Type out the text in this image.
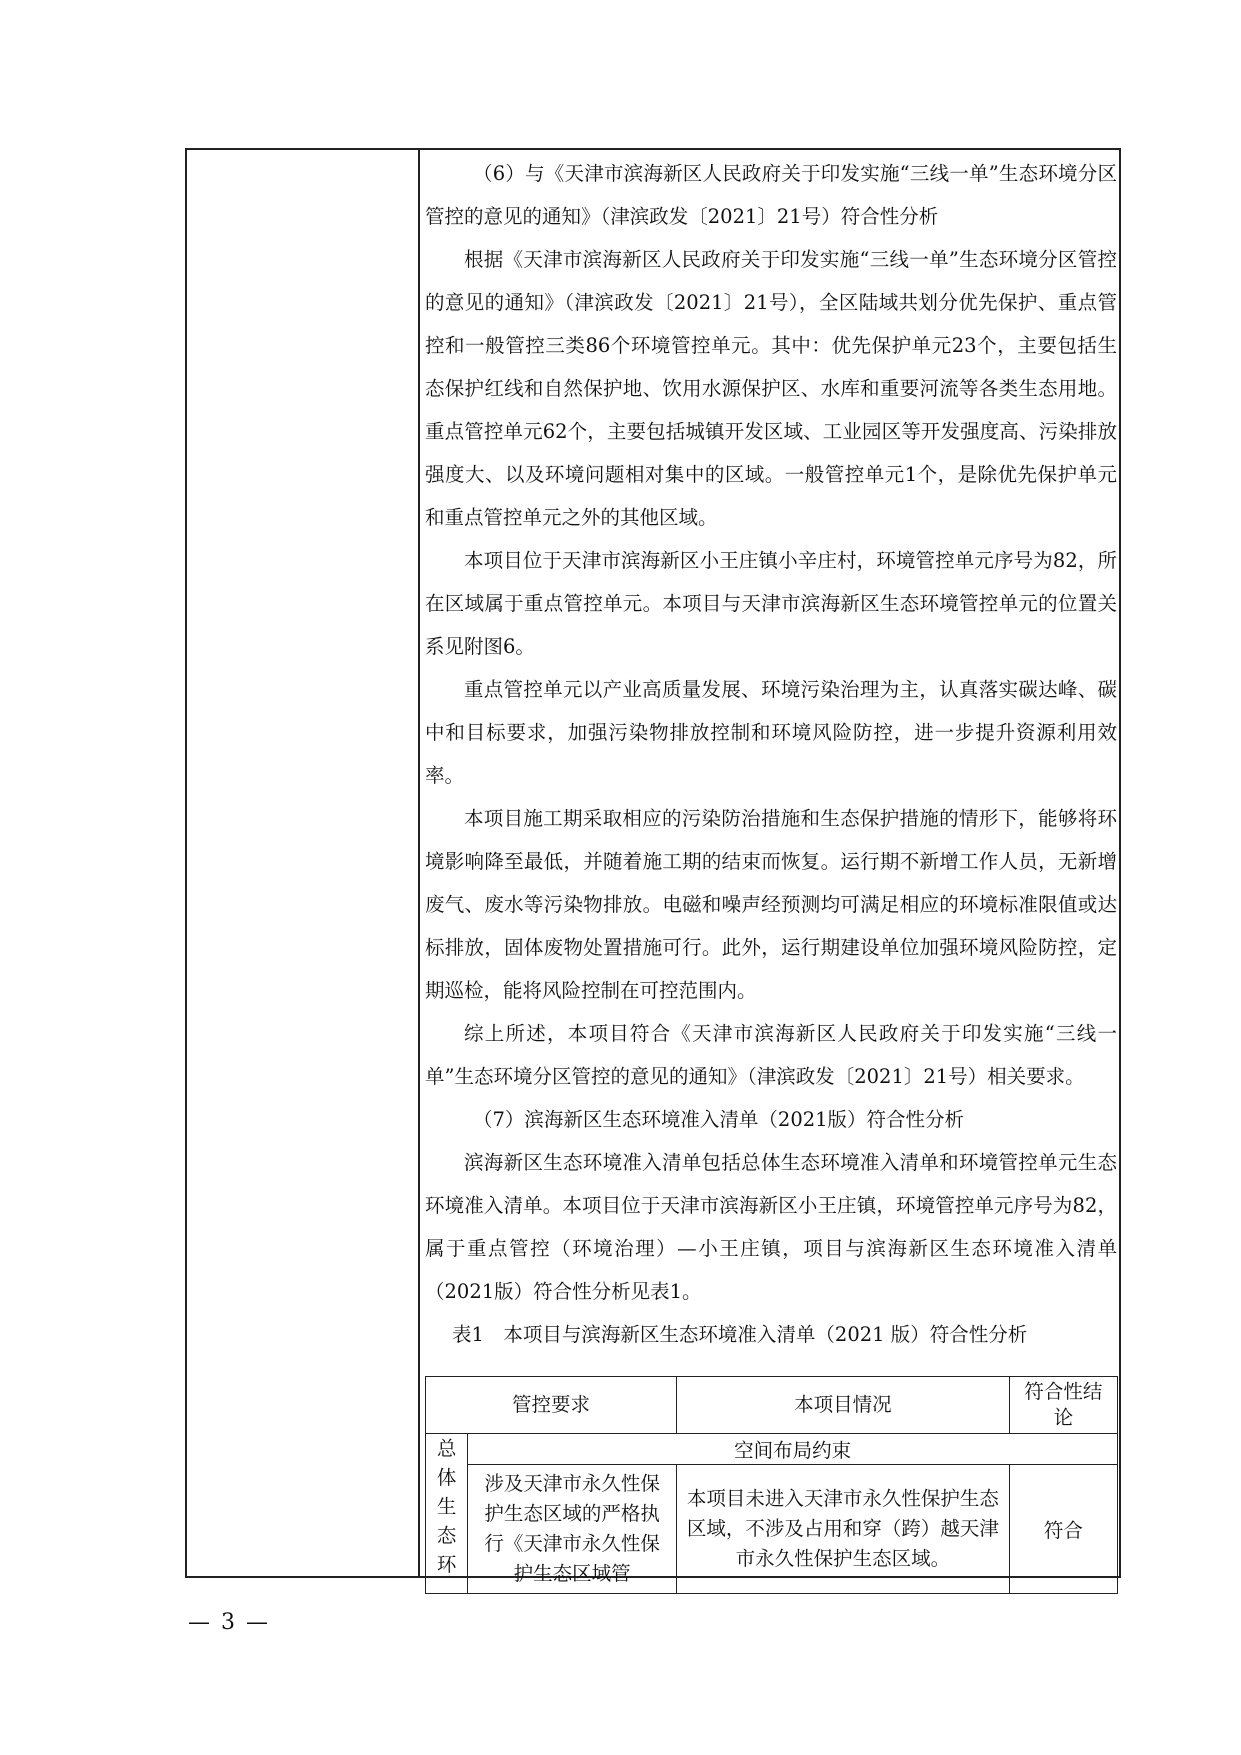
（6）与《天津市滨海新区人民政府关于印发实施“三线一单”生态环境分区管控的意见的通知》（津滨政发〔2021〕21号）符合性分析

根据《天津市滨海新区人民政府关于印发实施“三线一单”生态环境分区管控的意见的通知》（津滨政发〔2021〕21号），全区陆域共划分优先保护、重点管控和一般管控三类86个环境管控单元。其中：优先保护单元23个，主要包括生态保护红线和自然保护地、饮用水源保护区、水库和重要河流等各类生态用地。重点管控单元62个，主要包括城镇开发区域、工业园区等开发强度高、污染排放强度大、以及环境问题相对集中的区域。一般管控单元1个，是除优先保护单元和重点管控单元之外的其他区域。

本项目位于天津市滨海新区小王庄镇小辛庄村，环境管控单元序号为82，所在区域属于重点管控单元。本项目与天津市滨海新区生态环境管控单元的位置关系见附图6。

重点管控单元以产业高质量发展、环境污染治理为主，认真落实碳达峰、碳中和目标要求，加强污染物排放控制和环境风险防控，进一步提升资源利用效率。

本项目施工期采取相应的污染防治措施和生态保护措施的情形下，能够将环境影响降至最低，并随着施工期的结束而恢复。运行期不新增工作人员，无新增废气、废水等污染物排放。电磁和噪声经预测均可满足相应的环境标准限值或达标排放，固体废物处置措施可行。此外，运行期建设单位加强环境风险防控，定期巡检，能将风险控制在可控范围内。

综上所述，本项目符合《天津市滨海新区人民政府关于印发实施“三线一单”生态环境分区管控的意见的通知》（津滨政发〔2021〕21号）相关要求。

（7）滨海新区生态环境准入清单（2021版）符合性分析

滨海新区生态环境准入清单包括总体生态环境准入清单和环境管控单元生态环境准入清单。本项目位于天津市滨海新区小王庄镇，环境管控单元序号为82，属于重点管控（环境治理）—小王庄镇，项目与滨海新区生态环境准入清单（2021版）符合性分析见表1。

表1　本项目与滨海新区生态环境准入清单（2021 版）符合性分析

管控要求		本项目情况	符合性结论

总体生态环	空间布局约束		
	涉及天津市永久性保护生态区域的严格执行《天津市永久性保护生态区域管	本项目未进入天津市永久性保护生态区域，不涉及占用和穿（跨）越天津市永久性保护生态区域。	符合
— 3 —
